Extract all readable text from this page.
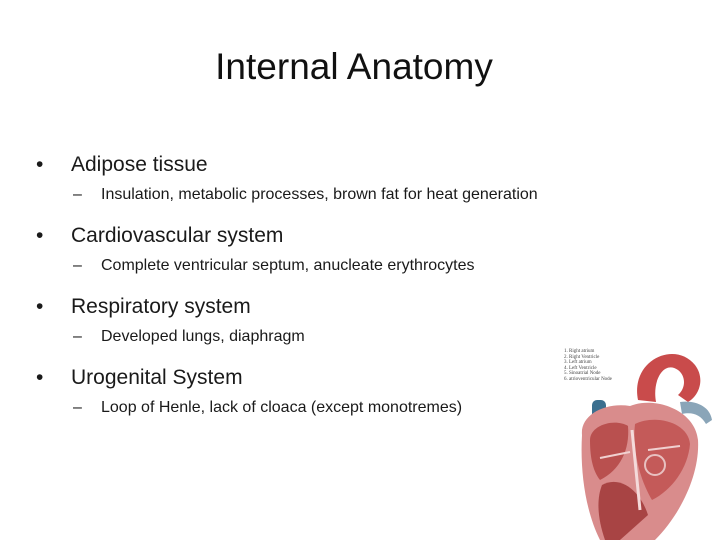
Internal Anatomy
• Adipose tissue
– Insulation, metabolic processes, brown fat for heat generation
• Cardiovascular system
– Complete ventricular septum, anucleate erythrocytes
• Respiratory system
– Developed lungs, diaphragm
• Urogenital System
– Loop of Henle, lack of cloaca (except monotremes)
1. Right atrium
2. Right Ventricle
3. Left atrium
4. Left Ventricle
5. Sinoatrial Node
6. atrioventricular Node
